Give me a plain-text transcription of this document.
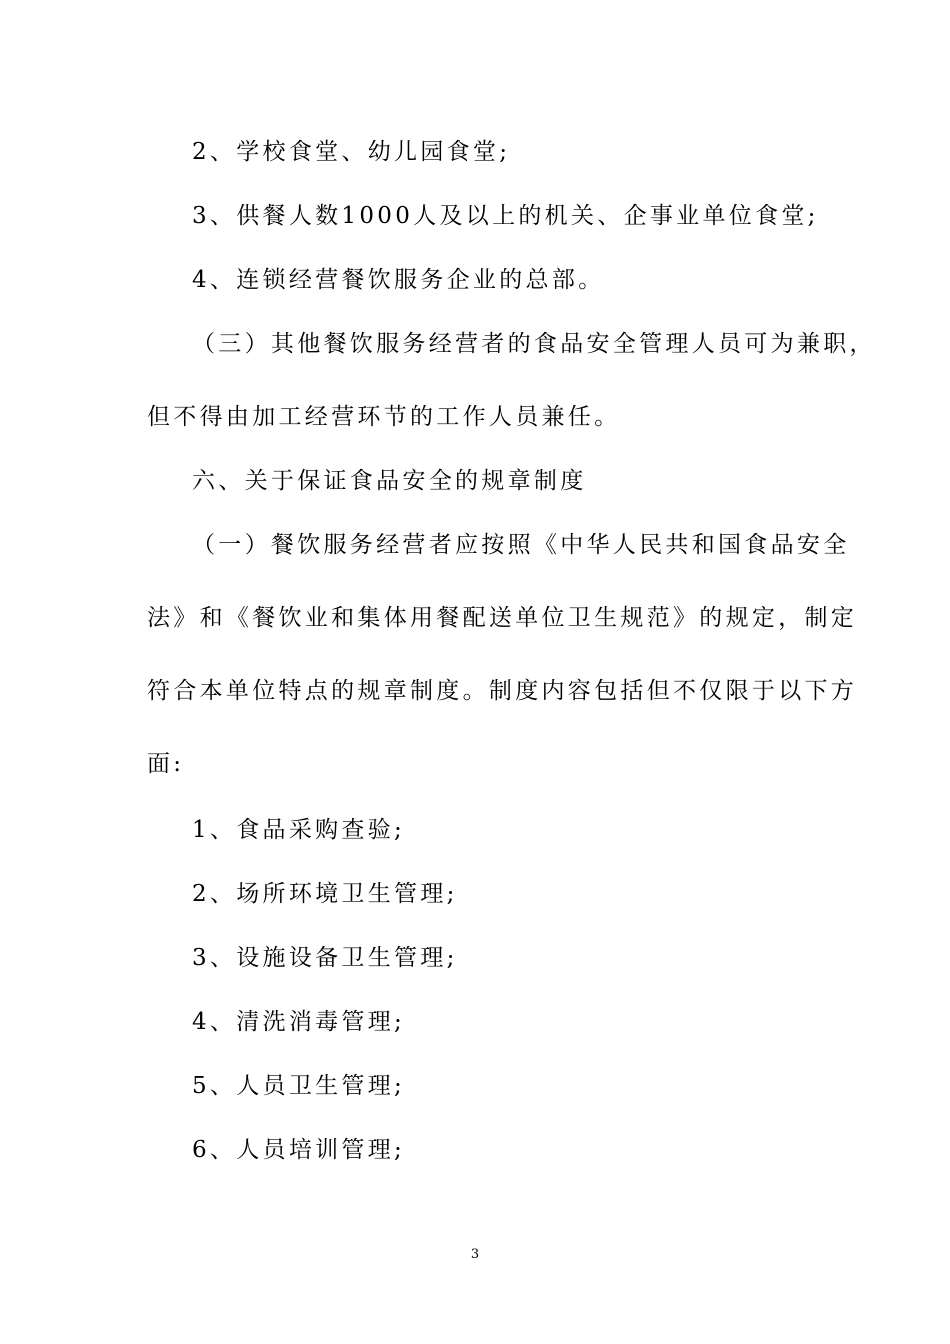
2、学校食堂、幼儿园食堂;
3、供餐人数1000人及以上的机关、企事业单位食堂;
4、连锁经营餐饮服务企业的总部。
（三）其他餐饮服务经营者的食品安全管理人员可为兼职，
但不得由加工经营环节的工作人员兼任。
六、关于保证食品安全的规章制度
（一）餐饮服务经营者应按照《中华人民共和国食品安全
法》和《餐饮业和集体用餐配送单位卫生规范》的规定，制定
符合本单位特点的规章制度。制度内容包括但不仅限于以下方
面:
1、食品采购查验;
2、场所环境卫生管理;
3、设施设备卫生管理;
4、清洗消毒管理;
5、人员卫生管理;
6、人员培训管理;
3
